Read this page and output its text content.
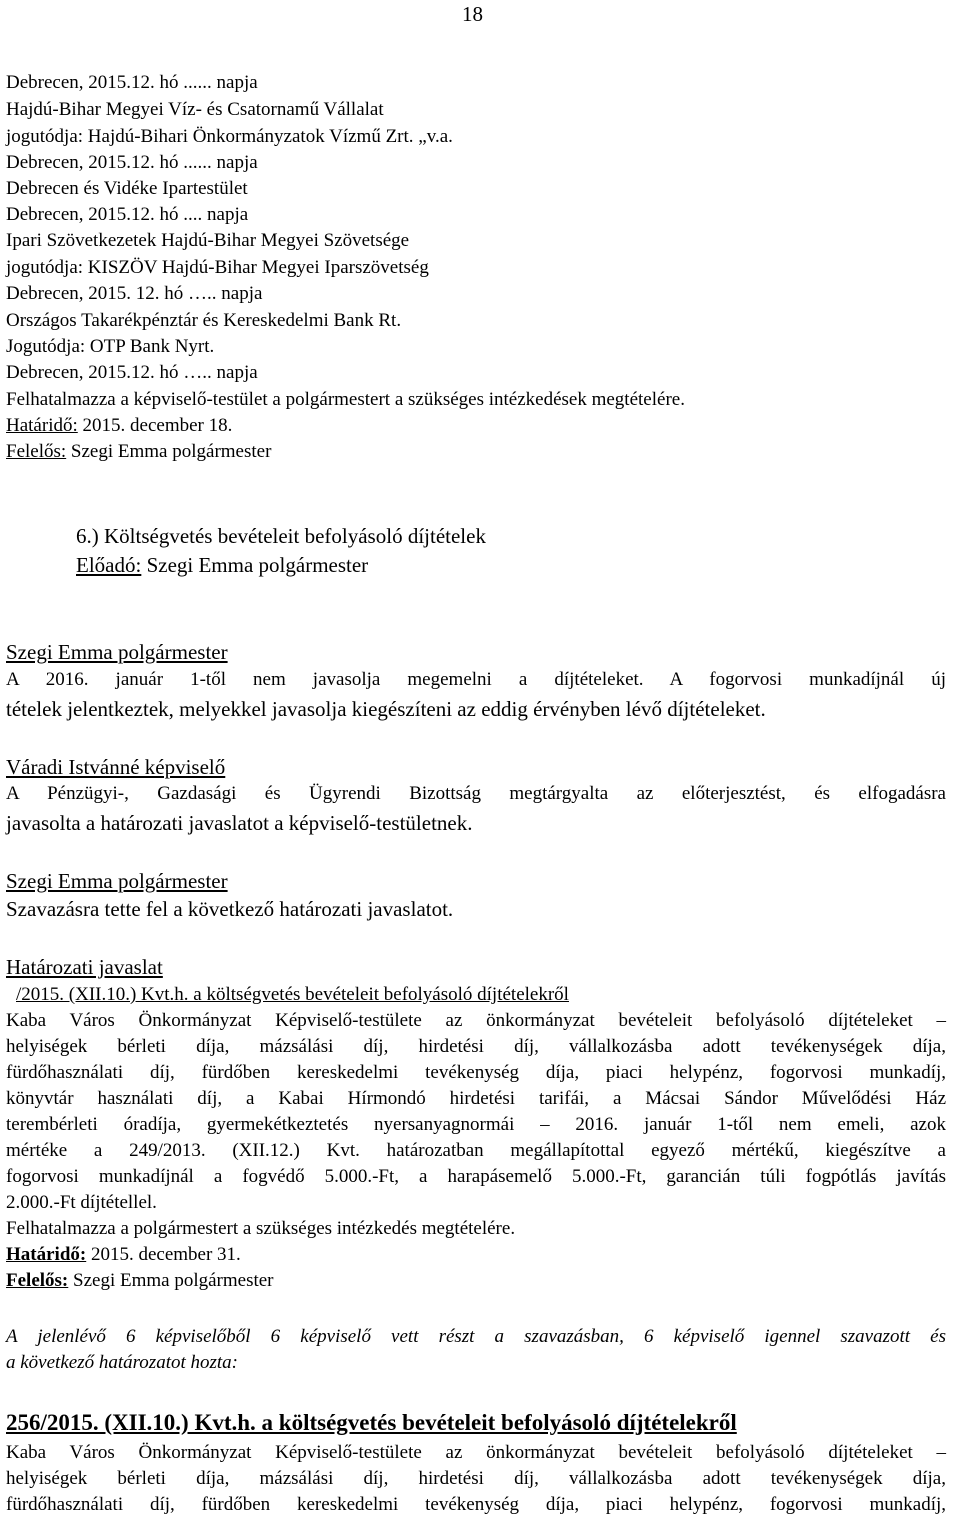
18
Debrecen, 2015.12. hó ...... napja
Hajdú-Bihar Megyei Víz- és Csatornamű Vállalat
jogutódja: Hajdú-Bihari Önkormányzatok Vízmű Zrt. „v.a.
Debrecen, 2015.12. hó ...... napja
Debrecen és Vidéke Ipartestület
Debrecen, 2015.12. hó .... napja
Ipari Szövetkezetek Hajdú-Bihar Megyei Szövetsége
jogutódja: KISZÖV Hajdú-Bihar Megyei Iparszövetség
Debrecen, 2015. 12. hó ….. napja
Országos Takarékpénztár és Kereskedelmi Bank Rt.
Jogutódja: OTP Bank Nyrt.
Debrecen, 2015.12. hó ….. napja
Felhatalmazza a képviselő-testület a polgármestert a szükséges intézkedések megtételére.
Határidő: 2015. december 18.
Felelős: Szegi Emma polgármester
6.) Költségvetés bevételeit befolyásoló díjtételek
Előadó: Szegi Emma polgármester
Szegi Emma polgármester
A 2016. január 1-től nem javasolja megemelni a díjtételeket. A fogorvosi munkadíjnál új
tételek jelentkeztek, melyekkel javasolja kiegészíteni az eddig érvényben lévő díjtételeket.
Váradi Istvánné képviselő
A Pénzügyi-, Gazdasági és Ügyrendi Bizottság megtárgyalta az előterjesztést, és elfogadásra
javasolta a határozati javaslatot a képviselő-testületnek.
Szegi Emma polgármester
Szavazásra tette fel a következő határozati javaslatot.
Határozati javaslat
/2015. (XII.10.) Kvt.h. a költségvetés bevételeit befolyásoló díjtételekről
Kaba Város Önkormányzat Képviselő-testülete az önkormányzat bevételeit befolyásoló díjtételeket –
helyiségek bérleti díja, mázsálási díj, hirdetési díj, vállalkozásba adott tevékenységek díja,
fürdőhasználati díj, fürdőben kereskedelmi tevékenység díja, piaci helypénz, fogorvosi munkadíj,
könyvtár használati díj, a Kabai Hírmondó hirdetési tarifái, a Mácsai Sándor Művelődési Ház
terembérleti óradíja, gyermekétkeztetés nyersanyagnormái – 2016. január 1-től nem emeli, azok
mértéke a 249/2013. (XII.12.) Kvt. határozatban megállapítottal egyező mértékű, kiegészítve a
fogorvosi munkadíjnál a fogvédő 5.000.-Ft, a harapásemelő 5.000.-Ft, garancián túli fogpótlás javítás
2.000.-Ft díjtétellel.
Felhatalmazza a polgármestert a szükséges intézkedés megtételére.
Határidő: 2015. december 31.
Felelős: Szegi Emma polgármester
A jelenlévő 6 képviselőből 6 képviselő vett részt a szavazásban, 6 képviselő igennel szavazott és
a következő határozatot hozta:
256/2015. (XII.10.) Kvt.h. a költségvetés bevételeit befolyásoló díjtételekről
Kaba Város Önkormányzat Képviselő-testülete az önkormányzat bevételeit befolyásoló díjtételeket –
helyiségek bérleti díja, mázsálási díj, hirdetési díj, vállalkozásba adott tevékenységek díja,
fürdőhasználati díj, fürdőben kereskedelmi tevékenység díja, piaci helypénz, fogorvosi munkadíj,
